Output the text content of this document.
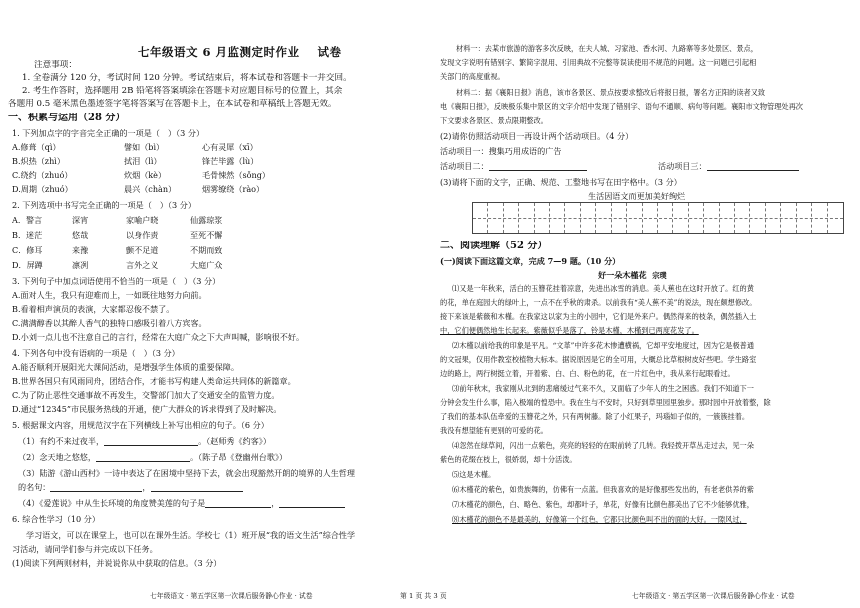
七年级语文 6 月监测定时作业 试卷
注意事项：
1. 全卷满分 120 分，考试时间 120 分钟。考试结束后，将本试卷和答题卡一并交回。
2. 考生作答时，选择题用 2B 铅笔将答案填涂在答题卡对应题目标号的位置上，其余
各题用 0.5 毫米黑色墨迹签字笔将答案写在答题卡上，在本试卷和草稿纸上答题无效。
一、积累与运用（28 分）
1. 下列加点字的字音完全正确的一项是（　）（3 分）
A.修葺（qì）	譬如（bì）	心有灵犀（xī）
B.炽热（zhì）	拭泪（lì）	锋芒毕露（lù）
C.绕约（zhuó）	炊烟（kè）	毛骨悚然（sǒng）
D.周期（zhuó）	晨兴（chàn）	烟雾缭绕（rào）
2. 下列选项中书写完全正确的一项是（　）（3 分）
A．警言	深宵	家喻户晓	仙露琼浆
B．迷茫	悠哉	以身作责	至死不懈
C．修耳	来豫	颤不足道	不期而致
D．屏蹲	凛冽	言外之义	大庭广众
3. 下列句子中加点词语使用不恰当的一项是（　）（3 分）
A.面对人生，我只有迎难而上，一如既往地努力向前。
B.看着相声演员的表演，大家都忍俊不禁了。
C.满满醇香以其醉人香气的独特口感吸引着八方宾客。
D.小刘一点儿也不注意自己的言行，经常在大庭广众之下大声叫喊，影响很不好。
4. 下列各句中没有语病的一项是（　）（3 分）
A.能否顺利开展阳光大课间活动，是增强学生体质的重要保障。
B.世界各国只有风雨同舟，团结合作，才能书写构建人类命运共同体的新篇章。
C.为了防止恶性交通事故不再发生，交警部门加大了交通安全的监管力度。
D.通过“12345”市民服务热线的开通，使广大群众的诉求得到了及时解决。
5. 根据课文内容，用规范汉字在下列横线上补写出相应的句子。（6 分）
（1）有约不来过夜半，	。（赵师秀《约客》）
（2）念天地之悠悠，	。（陈子昂《登幽州台歌》）
（3）陆游《游山西村》一诗中表达了在困境中坚持下去，就会出现豁然开朗的境界的人生哲理
的名句：	，
（4）《爱莲说》中从生长环境的角度赞美莲的句子是	，
6. 综合性学习（10 分）
学习语文，可以在课堂上，也可以在课外生活。学校七（1）班开展“我的语文生活”综合性学
习活动，请同学们参与并完成以下任务。
(1)阅读下列两则材料，并说说你从中获取的信息。（3 分）
材料一：去某市旅游的游客多次反映，在夫人城、习家池、香水河、九路寨等多处景区、景点，
发现文字说明有错别字、繁简字混用、引用典故不完整等误读使用不规范的问题。这一问题已引起相
关部门的高度重视。
材料二：据《襄阳日报》消息，该市各景区、景点按要求整改后将报日报，署名方正阳的读者又致
电《襄阳日报》，反映极乐集中景区的文字介绍中发现了错别字、语句不通顺、病句等问题。襄阳市文物管理处再次
下文要求各景区、景点限期整改。
(2)请你仿照活动项目一再设计两个活动项目。（4 分）
活动项目一：搜集巧用成语的广告
活动项目二：	活动项目三：
(3)请将下面的文字，正确、规范、工整地书写在田字格中。（3 分）
生活因语文而更加美好绚烂
二、阅读理解（52 分）
(一)阅读下面这篇文章，完成 7—9 题。（10 分）
好一朵木槿花 宗璞
⑴又是一年秋来，活白的玉簪花挂着凉意，先进出冰雪的消息。美人蕉也在这时开放了。红的黄
的花，单在庭园大的绿叶上，一点不在乎秋的肃杀。以前我有“美人蕉不美”的说法，现在颇想修改。
接下来该是紫薇和木槿。在我家这以家为主的小园中，它们是外来户。偶然得来的枝条，偶然插入土
中，它们便偶然地生长起来。紫薇似乎是落了，铃是木槿，木槿到已两度花发了。
⑵木槿以前给我的印象是平凡。“文革”中许多花木惨遭横祸，它却平安地度过，因为它是极普通
的文冠果，仅用作教室校植物大标本。据说原因是它的全可用，大概总比草根树皮好些吧。学生路室
边的路上，两行树挺立着，开着紫、白、白、粉色的花，在一片红色中，我从来行起眼看过。
⑶前年秋末，我家刚从北到的悲痛缓过气来不久，又面临了少年人的生之困惑。我们不知道下一
分钟会发生什么事，陷入极端的惶恐中。我在生与不安时，只好到草里园里独步。那时园中开放着整，除
了我们的基本队伍牵爱的玉簪花之外，只有两树藤。除了小红果子，玛瑙如子似的，一簇簇挂着。
我没有想望能有更别的可爱的花。
⑷忽然在绿草间，闪出一点紫色，亮亮的轻轻的在眼前转了几转。我轻拨开草丛走过去，见一朵
紫色的花缀在枝上，很娇弱，却十分活泼。
⑸这是木槿。
⑹木槿花的紫色，如贵族舞的，仿佛有一点蓝。但我喜欢的是好像那些发出的，有老老供养的紫
⑺木槿花的颜色，白、略色、紫色，却都叶子，单花，好像有比颜色都美出了它不少能够优雅，
⑻木槿花的颜色不是最美的，好像第一个红色，它都只比颜色叫不出的面的大好。一隙风过，
七年级语文 · 第五学区第一次课后服务静心作业 · 试卷	第 1 页 共 3 页	七年级语文 · 第五学区第一次课后服务静心作业 · 试卷
